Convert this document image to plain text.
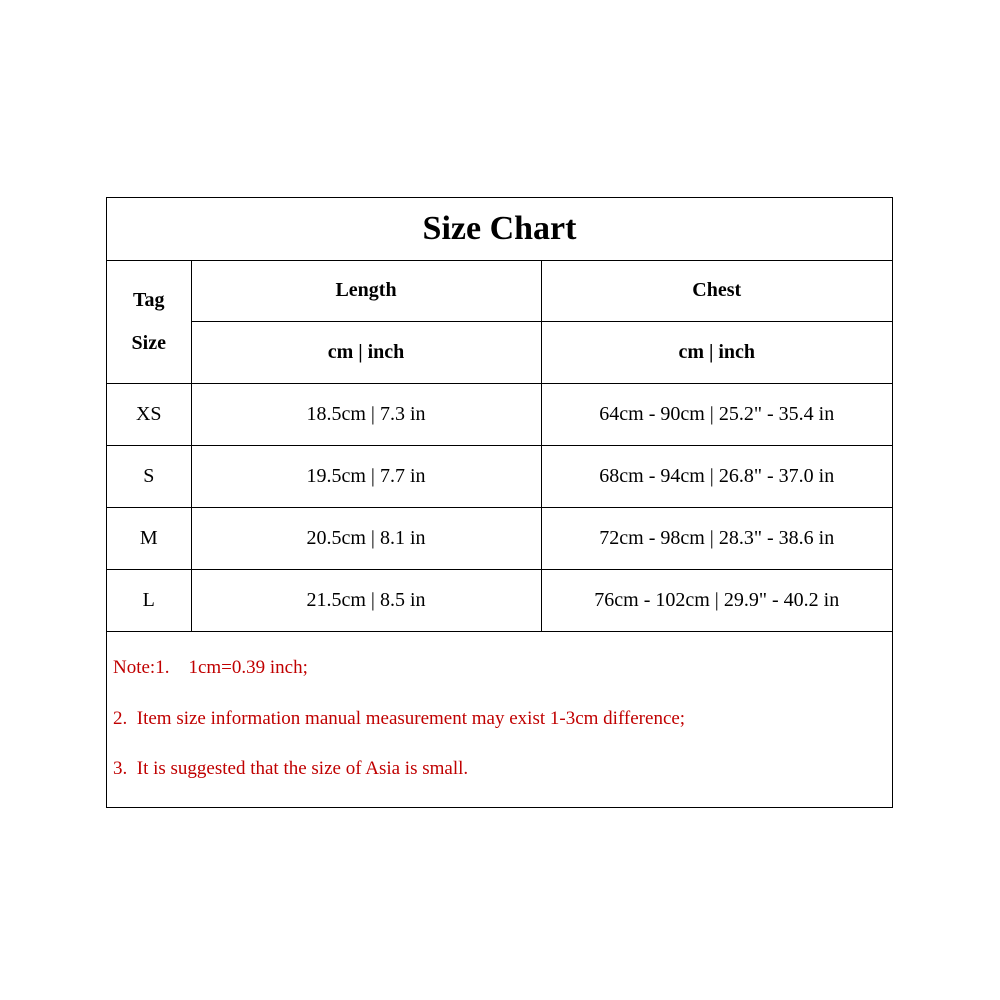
Size Chart
Tag
Size	Length	Chest
	cm | inch	cm | inch
XS	18.5cm | 7.3 in	64cm - 90cm | 25.2" - 35.4 in
S	19.5cm | 7.7 in	68cm - 94cm | 26.8" - 37.0 in
M	20.5cm | 8.1 in	72cm - 98cm | 28.3" - 38.6 in
L	21.5cm | 8.5 in	76cm - 102cm | 29.9" - 40.2 in
Note:1.    1cm=0.39 inch;
2.  Item size information manual measurement may exist 1-3cm difference;
3.  It is suggested that the size of Asia is small.
